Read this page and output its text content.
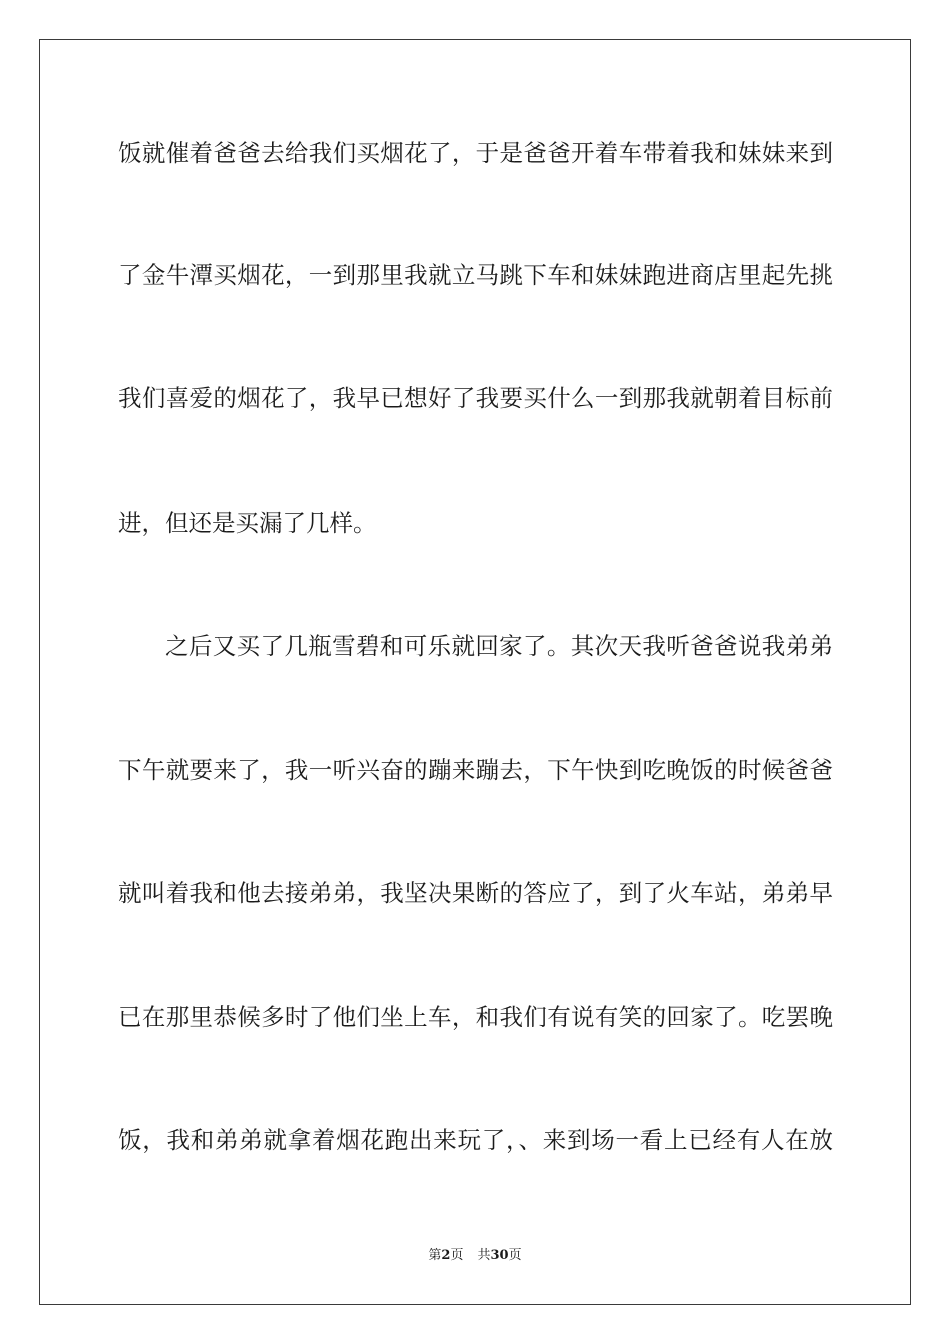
饭就催着爸爸去给我们买烟花了，于是爸爸开着车带着我和妹妹来到
了金牛潭买烟花，一到那里我就立马跳下车和妹妹跑进商店里起先挑
我们喜爱的烟花了，我早已想好了我要买什么一到那我就朝着目标前
进，但还是买漏了几样。
之后又买了几瓶雪碧和可乐就回家了。其次天我听爸爸说我弟弟
下午就要来了，我一听兴奋的蹦来蹦去，下午快到吃晚饭的时候爸爸
就叫着我和他去接弟弟，我坚决果断的答应了，到了火车站，弟弟早
已在那里恭候多时了他们坐上车，和我们有说有笑的回家了。吃罢晚
饭，我和弟弟就拿着烟花跑出来玩了，、来到场一看上已经有人在放
第2页 共30页
